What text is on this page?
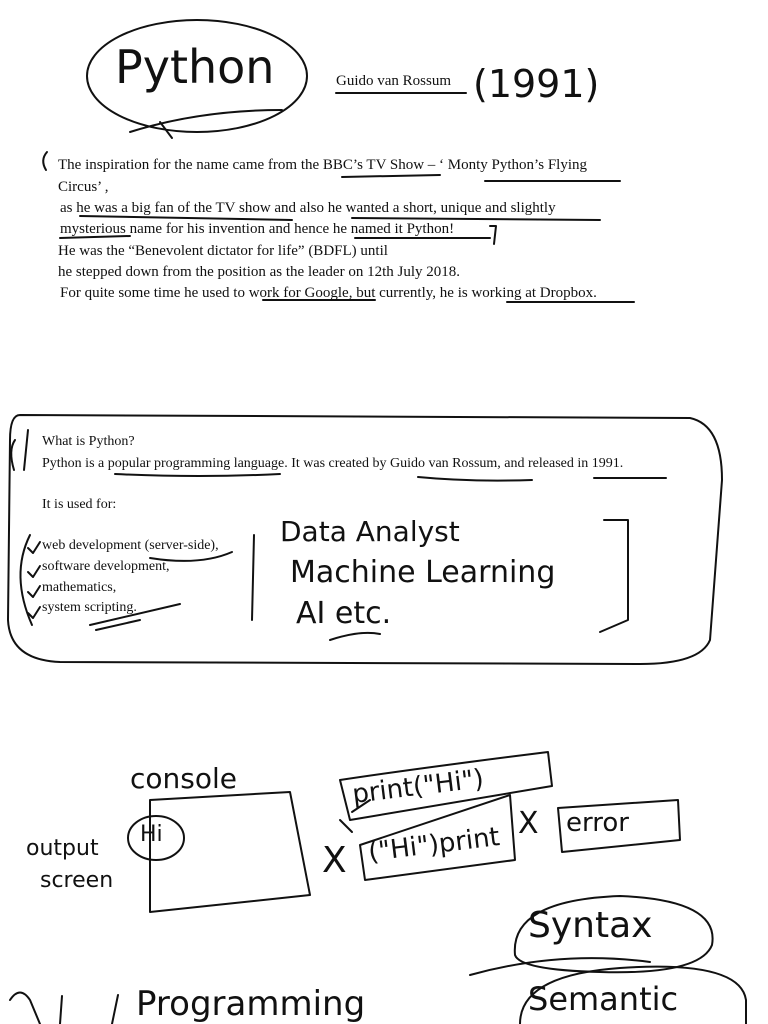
Python	Guido van Rossum (1991)
The inspiration for the name came from the BBC’s TV Show – ‘ Monty Python’s Flying
Circus’ ,
as he was a big fan of the TV show and also he wanted a short, unique and slightly
mysterious name for his invention and hence he named it Python!
He was the “Benevolent dictator for life” (BDFL) until
he stepped down from the position as the leader on 12th July 2018.
For quite some time he used to work for Google, but currently, he is working at Dropbox.
What is Python?
Python is a popular programming language. It was created by Guido van Rossum, and released in 1991.
It is used for:
web development (server-side),
software development,
mathematics,
system scripting.
Data Analyst
Machine Learning
AI etc.
console
Hi
output
screen
print("Hi")
X ("Hi")print X error
Syntax
Semantic
Programming
